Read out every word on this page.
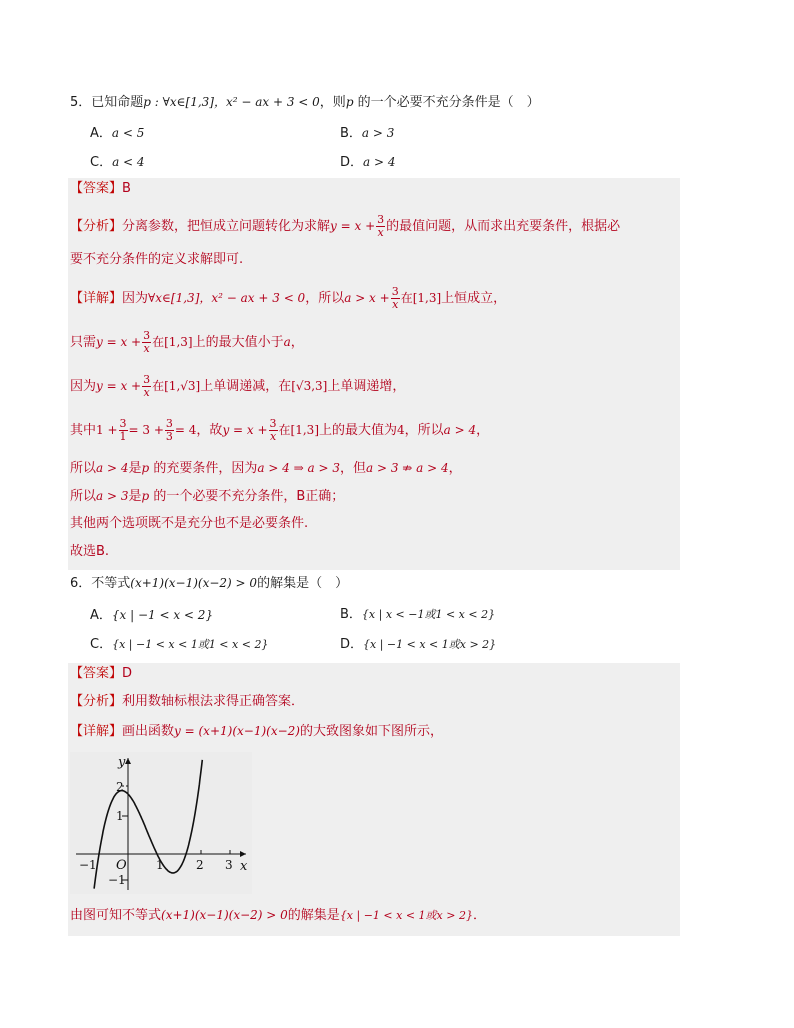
5．已知命题p : ∀x∈[1,3]，x² − ax + 3 < 0，则p 的一个必要不充分条件是（　）
A．a < 5	B．a > 3
C．a < 4	D．a > 4
【答案】B
【分析】分离参数，把恒成立问题转化为求解$y = x + \frac{3}{x}$ 的最值问题，从而求出充要条件，根据必
要不充分条件的定义求解即可.
【详解】因为∀x∈[1,3]，x² − ax + 3 < 0，所以$a > x + \frac{3}{x}$ 在[1,3]上恒成立，
只需$y = x + \frac{3}{x}$ 在[1,3]上的最大值小于a，
因为$y = x + \frac{3}{x}$ 在[1,√3]上单调递减，在[√3,3]上单调递增，
其中$1 + \frac{3}{1} = 3 + \frac{3}{3} = 4$，故$y = x + \frac{3}{x}$ 在[1,3]上的最大值为4，所以a > 4，
所以a > 4是p 的充要条件，因为a > 4 ⇒ a > 3，但a > 3 ⇏ a > 4，
所以a > 3是p 的一个必要不充分条件，B正确；
其他两个选项既不是充分也不是必要条件.
故选B.
6．不等式(x+1)(x−1)(x−2) > 0的解集是（　）
A．{x | −1 < x < 2}	B．{x | x < −1或1 < x < 2}
C．{x | −1 < x < 1或1 < x < 2}	D．{x | −1 < x < 1或x > 2}
【答案】D
【分析】利用数轴标根法求得正确答案．
【详解】画出函数y = (x+1)(x−1)(x−2)的大致图象如下图所示，
y
x
O
−1	1	2 3
2
1
−1
由图可知不等式(x+1)(x−1)(x−2) > 0的解集是{x | −1 < x < 1或x > 2}．
